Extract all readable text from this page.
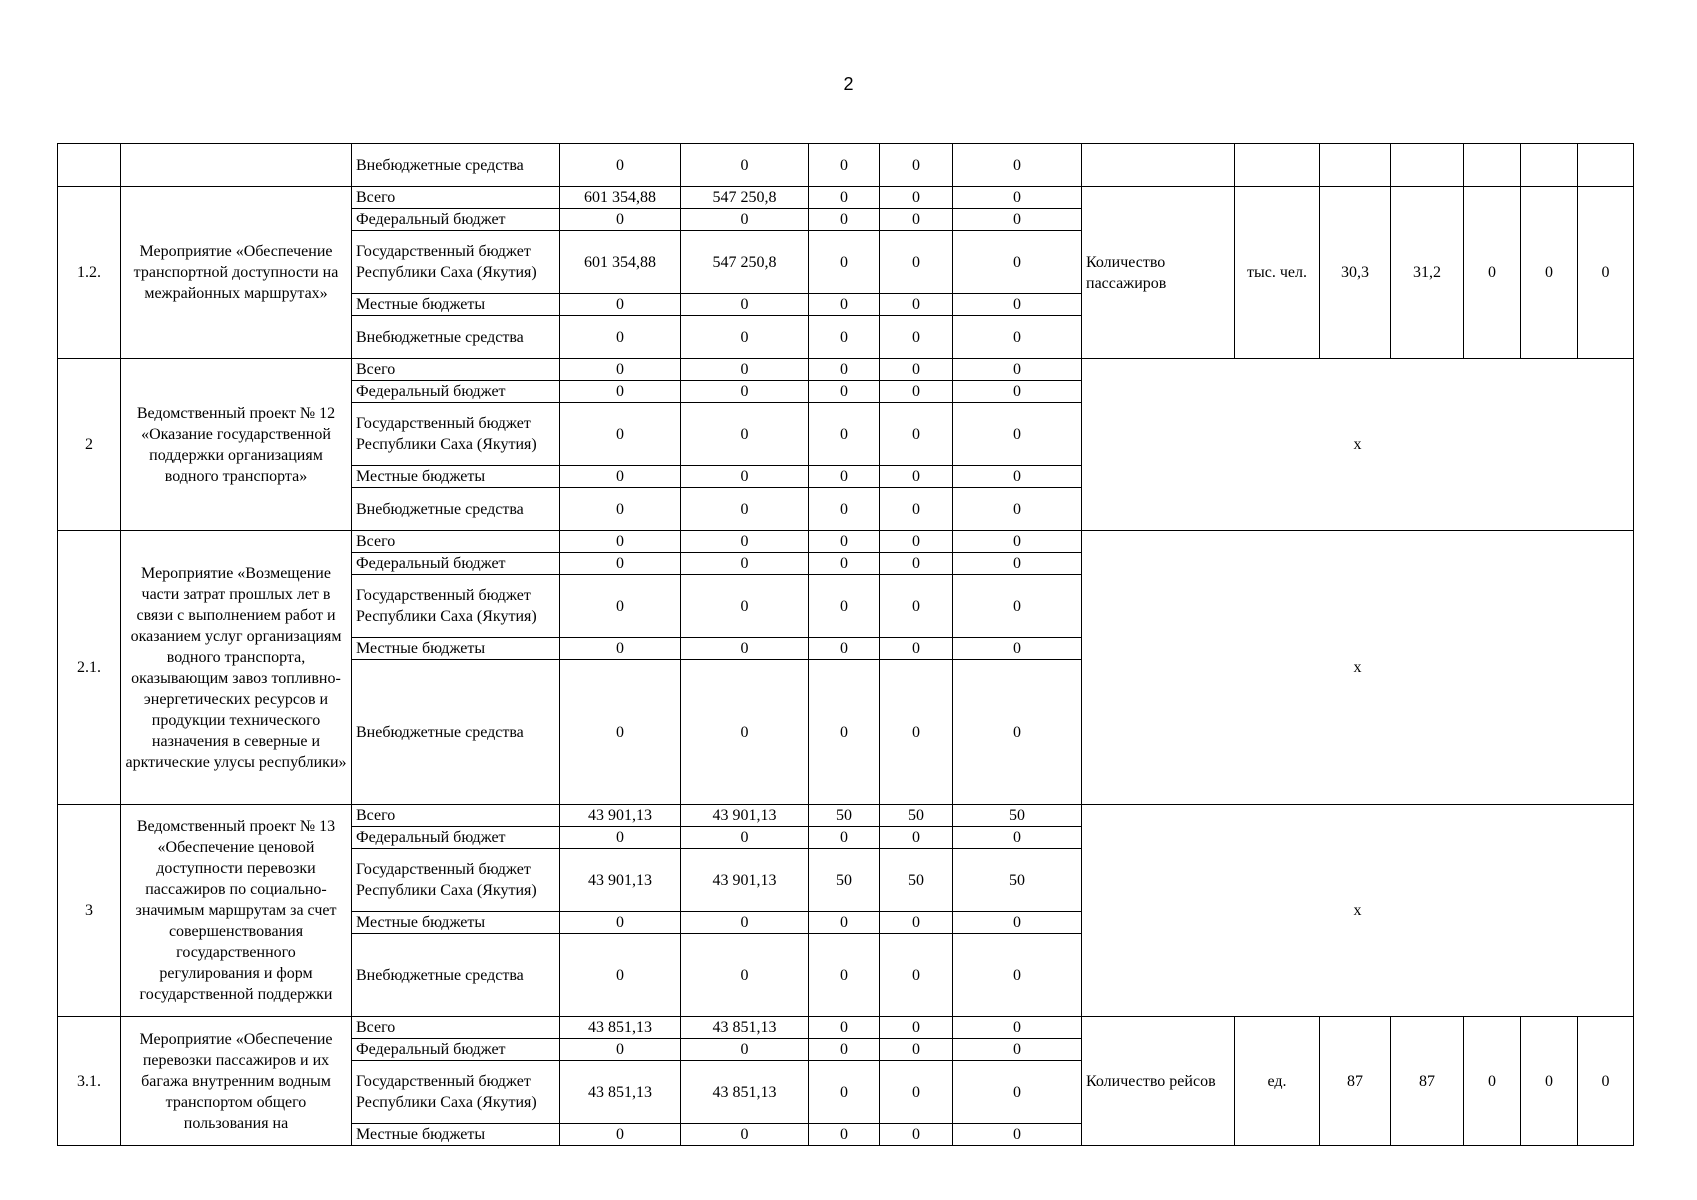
2
		Внебюджетные средства	0	0	0	0	0							
1.2.	Мероприятие «Обеспечение транспортной доступности на межрайонных маршрутах»	Всего	601 354,88	547 250,8	0	0	0	Количество пассажиров	тыс. чел.	30,3	31,2	0	0	0
		Федеральный бюджет	0	0	0	0	0							
		Государственный бюджет Республики Саха (Якутия)	601 354,88	547 250,8	0	0	0							
		Местные бюджеты	0	0	0	0	0							
		Внебюджетные средства	0	0	0	0	0							
2	Ведомственный проект № 12 «Оказание государственной поддержки организациям водного транспорта»	Всего	0	0	0	0	0	х						
		Федеральный бюджет	0	0	0	0	0							
		Государственный бюджет Республики Саха (Якутия)	0	0	0	0	0							
		Местные бюджеты	0	0	0	0	0							
		Внебюджетные средства	0	0	0	0	0							
2.1.	Мероприятие «Возмещение части затрат прошлых лет в связи с выполнением работ и оказанием услуг организациям водного транспорта, оказывающим завоз топливно-энергетических ресурсов и продукции технического назначения в северные и арктические улусы республики»	Всего	0	0	0	0	0	х						
		Федеральный бюджет	0	0	0	0	0							
		Государственный бюджет Республики Саха (Якутия)	0	0	0	0	0							
		Местные бюджеты	0	0	0	0	0							
		Внебюджетные средства	0	0	0	0	0							
3	Ведомственный проект № 13 «Обеспечение ценовой доступности перевозки пассажиров по социально-значимым маршрутам за счет совершенствования государственного регулирования и форм государственной поддержки	Всего	43 901,13	43 901,13	50	50	50	х						
		Федеральный бюджет	0	0	0	0	0							
		Государственный бюджет Республики Саха (Якутия)	43 901,13	43 901,13	50	50	50							
		Местные бюджеты	0	0	0	0	0							
		Внебюджетные средства	0	0	0	0	0							
3.1.	Мероприятие «Обеспечение перевозки пассажиров и их багажа внутренним водным транспортом общего пользования на	Всего	43 851,13	43 851,13	0	0	0	Количество рейсов	ед.	87	87	0	0	0
		Федеральный бюджет	0	0	0	0	0							
		Государственный бюджет Республики Саха (Якутия)	43 851,13	43 851,13	0	0	0							
		Местные бюджеты	0	0	0	0	0							
